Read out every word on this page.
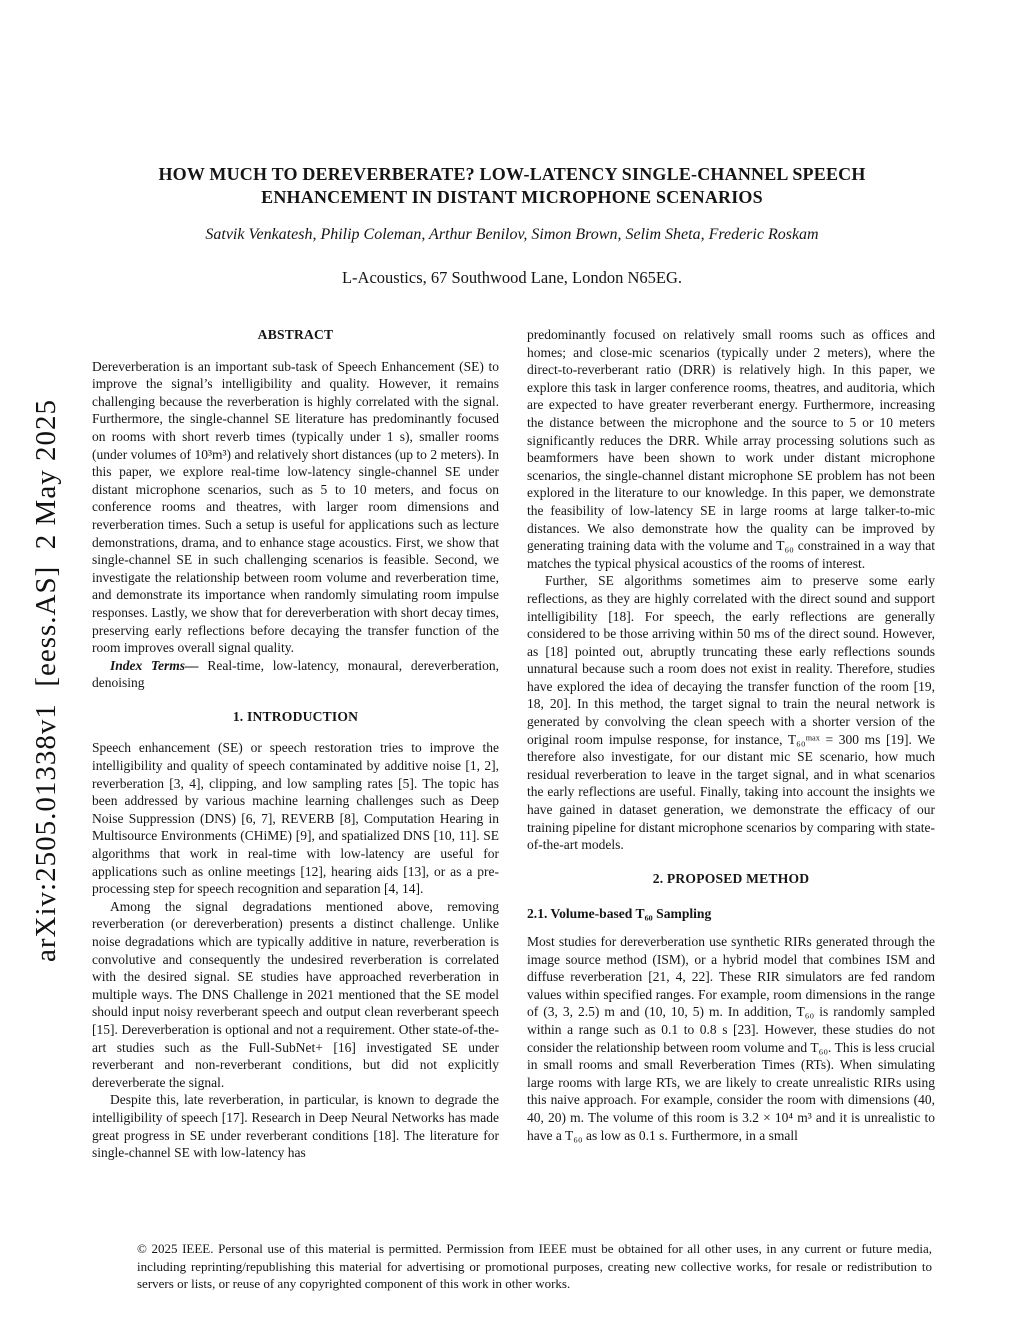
arXiv:2505.01338v1  [eess.AS]  2 May 2025
HOW MUCH TO DEREVERBERATE? LOW-LATENCY SINGLE-CHANNEL SPEECH ENHANCEMENT IN DISTANT MICROPHONE SCENARIOS
Satvik Venkatesh, Philip Coleman, Arthur Benilov, Simon Brown, Selim Sheta, Frederic Roskam
L-Acoustics, 67 Southwood Lane, London N65EG.
ABSTRACT

Dereverberation is an important sub-task of Speech Enhancement (SE) to improve the signal’s intelligibility and quality. However, it remains challenging because the reverberation is highly correlated with the signal. Furthermore, the single-channel SE literature has predominantly focused on rooms with short reverb times (typically under 1 s), smaller rooms (under volumes of 10³m³) and relatively short distances (up to 2 meters). In this paper, we explore real-time low-latency single-channel SE under distant microphone scenarios, such as 5 to 10 meters, and focus on conference rooms and theatres, with larger room dimensions and reverberation times. Such a setup is useful for applications such as lecture demonstrations, drama, and to enhance stage acoustics. First, we show that single-channel SE in such challenging scenarios is feasible. Second, we investigate the relationship between room volume and reverberation time, and demonstrate its importance when randomly simulating room impulse responses. Lastly, we show that for dereverberation with short decay times, preserving early reflections before decaying the transfer function of the room improves overall signal quality.

Index Terms— Real-time, low-latency, monaural, dereverberation, denoising

1. INTRODUCTION

Speech enhancement (SE) or speech restoration tries to improve the intelligibility and quality of speech contaminated by additive noise [1, 2], reverberation [3, 4], clipping, and low sampling rates [5]. The topic has been addressed by various machine learning challenges such as Deep Noise Suppression (DNS) [6, 7], REVERB [8], Computation Hearing in Multisource Environments (CHiME) [9], and spatialized DNS [10, 11]. SE algorithms that work in real-time with low-latency are useful for applications such as online meetings [12], hearing aids [13], or as a pre-processing step for speech recognition and separation [4, 14].

Among the signal degradations mentioned above, removing reverberation (or dereverberation) presents a distinct challenge. Unlike noise degradations which are typically additive in nature, reverberation is convolutive and consequently the undesired reverberation is correlated with the desired signal. SE studies have approached reverberation in multiple ways. The DNS Challenge in 2021 mentioned that the SE model should input noisy reverberant speech and output clean reverberant speech [15]. Dereverberation is optional and not a requirement. Other state-of-the-art studies such as the Full-SubNet+ [16] investigated SE under reverberant and non-reverberant conditions, but did not explicitly dereverberate the signal.

Despite this, late reverberation, in particular, is known to degrade the intelligibility of speech [17]. Research in Deep Neural Networks has made great progress in SE under reverberant conditions [18]. The literature for single-channel SE with low-latency has

predominantly focused on relatively small rooms such as offices and homes; and close-mic scenarios (typically under 2 meters), where the direct-to-reverberant ratio (DRR) is relatively high. In this paper, we explore this task in larger conference rooms, theatres, and auditoria, which are expected to have greater reverberant energy. Furthermore, increasing the distance between the microphone and the source to 5 or 10 meters significantly reduces the DRR. While array processing solutions such as beamformers have been shown to work under distant microphone scenarios, the single-channel distant microphone SE problem has not been explored in the literature to our knowledge. In this paper, we demonstrate the feasibility of low-latency SE in large rooms at large talker-to-mic distances. We also demonstrate how the quality can be improved by generating training data with the volume and T₆₀ constrained in a way that matches the typical physical acoustics of the rooms of interest.

Further, SE algorithms sometimes aim to preserve some early reflections, as they are highly correlated with the direct sound and support intelligibility [18]. For speech, the early reflections are generally considered to be those arriving within 50 ms of the direct sound. However, as [18] pointed out, abruptly truncating these early reflections sounds unnatural because such a room does not exist in reality. Therefore, studies have explored the idea of decaying the transfer function of the room [19, 18, 20]. In this method, the target signal to train the neural network is generated by convolving the clean speech with a shorter version of the original room impulse response, for instance, T₆₀ᵐᵃˣ = 300 ms [19]. We therefore also investigate, for our distant mic SE scenario, how much residual reverberation to leave in the target signal, and in what scenarios the early reflections are useful. Finally, taking into account the insights we have gained in dataset generation, we demonstrate the efficacy of our training pipeline for distant microphone scenarios by comparing with state-of-the-art models.

2. PROPOSED METHOD
2.1. Volume-based T₆₀ Sampling

Most studies for dereverberation use synthetic RIRs generated through the image source method (ISM), or a hybrid model that combines ISM and diffuse reverberation [21, 4, 22]. These RIR simulators are fed random values within specified ranges. For example, room dimensions in the range of (3, 3, 2.5) m and (10, 10, 5) m. In addition, T₆₀ is randomly sampled within a range such as 0.1 to 0.8 s [23]. However, these studies do not consider the relationship between room volume and T₆₀. This is less crucial in small rooms and small Reverberation Times (RTs). When simulating large rooms with large RTs, we are likely to create unrealistic RIRs using this naive approach. For example, consider the room with dimensions (40, 40, 20) m. The volume of this room is 3.2 × 10⁴ m³ and it is unrealistic to have a T₆₀ as low as 0.1 s. Furthermore, in a small

© 2025 IEEE. Personal use of this material is permitted. Permission from IEEE must be obtained for all other uses, in any current or future media, including reprinting/republishing this material for advertising or promotional purposes, creating new collective works, for resale or redistribution to servers or lists, or reuse of any copyrighted component of this work in other works.
